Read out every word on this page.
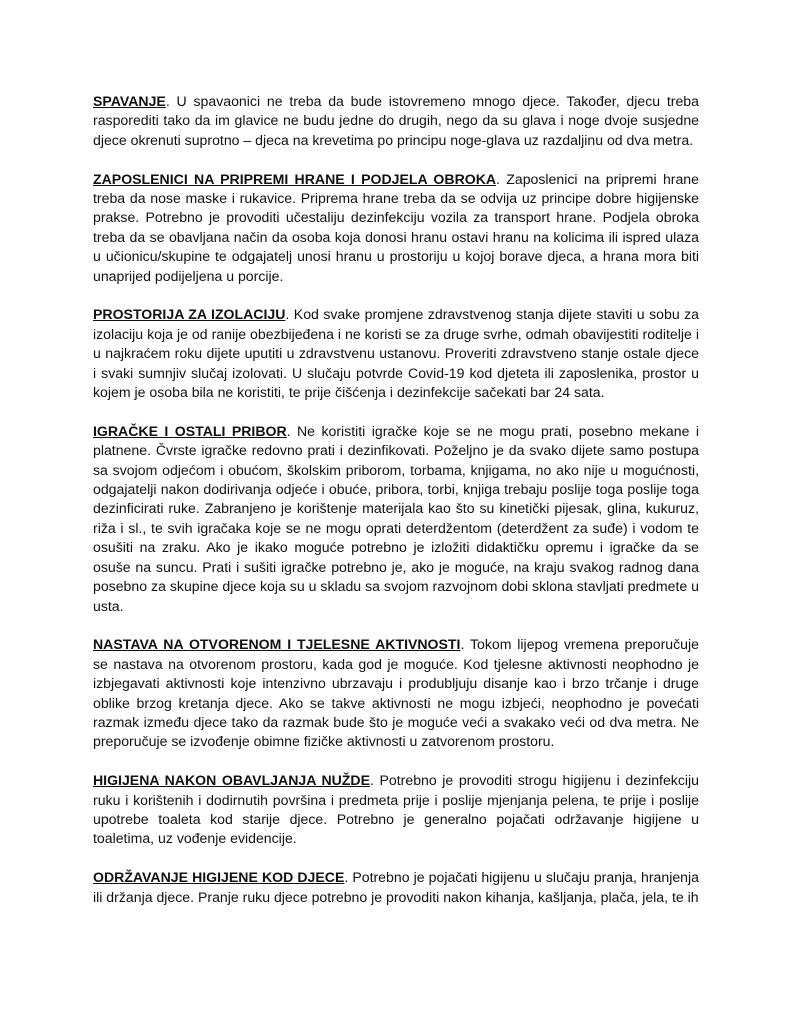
SPAVANJE. U spavaonici ne treba da bude istovremeno mnogo djece. Također, djecu treba rasporediti tako da im glavice ne budu jedne do drugih, nego da su glava i noge dvoje susjedne djece okrenuti suprotno – djeca na krevetima po principu noge-glava uz razdaljinu od dva metra.

ZAPOSLENICI NA PRIPREMI HRANE I PODJELA OBROKA. Zaposlenici na pripremi hrane treba da nose maske i rukavice. Priprema hrane treba da se odvija uz principe dobre higijenske prakse. Potrebno je provoditi učestaliju dezinfekciju vozila za transport hrane. Podjela obroka treba da se obavljana način da osoba koja donosi hranu ostavi hranu na kolicima ili ispred ulaza u učionicu/skupine te odgajatelj unosi hranu u prostoriju u kojoj borave djeca, a hrana mora biti unaprijed podijeljena u porcije.

PROSTORIJA ZA IZOLACIJU. Kod svake promjene zdravstvenog stanja dijete staviti u sobu za izolaciju koja je od ranije obezbijeđena i ne koristi se za druge svrhe, odmah obavijestiti roditelje i u najkraćem roku dijete uputiti u zdravstvenu ustanovu. Proveriti zdravstveno stanje ostale djece i svaki sumnjiv slučaj izolovati. U slučaju potvrde Covid-19 kod djeteta ili zaposlenika, prostor u kojem je osoba bila ne koristiti, te prije čišćenja i dezinfekcije sačekati bar 24 sata.

IGRAČKE I OSTALI PRIBOR. Ne koristiti igračke koje se ne mogu prati, posebno mekane i platnene. Čvrste igračke redovno prati i dezinfikovati. Poželjno je da svako dijete samo postupa sa svojom odjećom i obućom, školskim priborom, torbama, knjigama, no ako nije u mogućnosti, odgajatelji nakon dodirivanja odjeće i obuće, pribora, torbi, knjiga trebaju poslije toga poslije toga dezinficirati ruke. Zabranjeno je korištenje materijala kao što su kinetički pijesak, glina, kukuruz, riža i sl., te svih igračaka koje se ne mogu oprati deterdžentom (deterdžent za suđe) i vodom te osušiti na zraku. Ako je ikako moguće potrebno je izložiti didaktičku opremu i igračke da se osuše na suncu. Prati i sušiti igračke potrebno je, ako je moguće, na kraju svakog radnog dana posebno za skupine djece koja su u skladu sa svojom razvojnom dobi sklona stavljati predmete u usta.

NASTAVA NA OTVORENOM I TJELESNE AKTIVNOSTI. Tokom lijepog vremena preporučuje se nastava na otvorenom prostoru, kada god je moguće. Kod tjelesne aktivnosti neophodno je izbjegavati aktivnosti koje intenzivno ubrzavaju i produbljuju disanje kao i brzo trčanje i druge oblike brzog kretanja djece. Ako se takve aktivnosti ne mogu izbjeći, neophodno je povećati razmak između djece tako da razmak bude što je moguće veći a svakako veći od dva metra. Ne preporučuje se izvođenje obimne fizičke aktivnosti u zatvorenom prostoru.

HIGIJENA NAKON OBAVLJANJA NUŽDE. Potrebno je provoditi strogu higijenu i dezinfekciju ruku i korištenih i dodirnutih površina i predmeta prije i poslije mjenjanja pelena, te prije i poslije upotrebe toaleta kod starije djece. Potrebno je generalno pojačati održavanje higijene u toaletima, uz vođenje evidencije.

ODRŽAVANJE HIGIJENE KOD DJECE. Potrebno je pojačati higijenu u slučaju pranja, hranjenja ili držanja djece. Pranje ruku djece potrebno je provoditi nakon kihanja, kašljanja, plača, jela, te ih
